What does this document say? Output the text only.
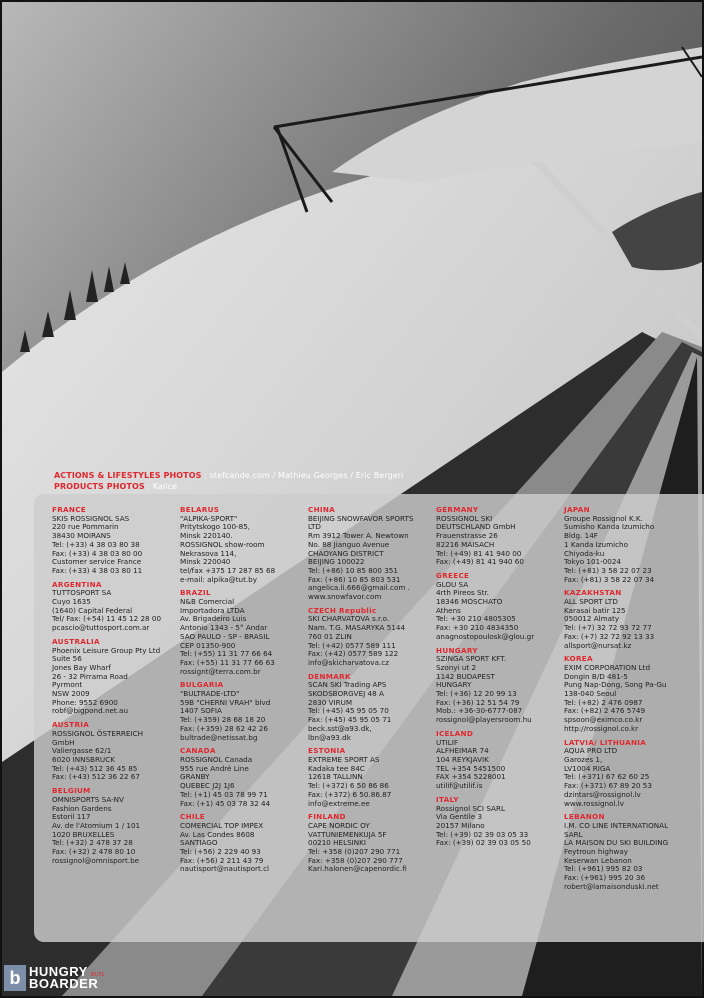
ACTIONS & LIFESTYLES PHOTOS : stefcande.com / Mathieu Georges / Eric Bergeri
PRODUCTS PHOTOS : Kalice
FRANCE
SKIS ROSSIGNOL SAS
220 rue Pommarin
38430 MOIRANS
Tel: (+33) 4 38 03 80 38
Fax: (+33) 4 38 03 80 00
Customer service France
Fax: (+33) 4 38 03 80 11
ARGENTINA
TUTTOSPORT SA
Cuyo 1635
(1640) Capital Federal
Tel/ Fax: (+54) 11 45 12 28 00
pcascio@tuttosport.com.ar
AUSTRALIA
Phoenix Leisure Group Pty Ltd
Suite 56
Jones Bay Wharf
26 - 32 Pirrama Road
Pyrmont
NSW 2009
Phone: 9552 6900
robf@bigpond.net.au
AUSTRIA
ROSSIGNOL ÖSTERREICH
GmbH
Valiergasse 62/1
6020 INNSBRUCK
Tel: (+43) 512 36 45 85
Fax: (+43) 512 36 22 67
BELGIUM
OMNISPORTS SA-NV
Fashion Gardens
Estoril 117
Av. de l'Atomium 1 / 101
1020 BRUXELLES
Tel: (+32) 2 478 37 28
Fax: (+32) 2 478 80 10
rossignol@omnisport.be
BELARUS
"ALPIKA-SPORT"
Pritytskogo 100-85,
Minsk 220140.
ROSSIGNOL show-room
Nekrasova 114,
Minsk 220040
tel/fax +375 17 287 85 68
e-mail: alpika@tut.by
BRAZIL
N&B Comercial
Importadora LTDA
Av. Brigadeiro Luis
Antonio 1343 - 5° Andar
SAO PAULO - SP - BRASIL
CEP 01350-900
Tel: (+55) 11 31 77 66 64
Fax: (+55) 11 31 77 66 63
rossignt@terra.com.br
BULGARIA
"BULTRADE-LTD"
59B "CHERNI VRAH" blvd
1407 SOFIA
Tel: (+359) 28 68 18 20
Fax: (+359) 28 62 42 26
bultrade@netissat.bg
CANADA
ROSSIGNOL Canada
955 rue André Line
GRANBY
QUEBEC J2J 1J6
Tel: (+1) 45 03 78 99 71
Fax: (+1) 45 03 78 32 44
CHILE
COMERCIAL TOP IMPEX
Av. Las Condes 8608
SANTIAGO
Tel: (+56) 2 229 40 93
Fax: (+56) 2 211 43 79
nautisport@nautisport.cl
CHINA
BEIJING SNOWFAVOR SPORTS
LTD
Rm 3912 Tower A. Newtown
No. 88 Jianguo Avenue
CHAOYANG DISTRICT
BEIJING 100022
Tel: (+86) 10 85 800 351
Fax: (+86) 10 85 803 531
angelica.li.666@gmail.com .
www.snowfavor.com
CZECH Republic
SKI CHARVATOVA s.r.o.
Nam. T.G. MASARYKA 5144
760 01 ZLIN
Tel: (+42) 0577 589 111
Fax: (+42) 0577 589 122
info@skicharvatova.cz
DENMARK
SCAN SKI Trading APS
SKODSBORGVEJ 48 A
2830 VIRUM
Tel: (+45) 45 95 05 70
Fax: (+45) 45 95 05 71
beck.sst@a93.dk,
lbn@a93.dk
ESTONIA
EXTREME SPORT AS
Kadaka tee 84C
12618 TALLINN
Tel: (+372) 6 50 86 86
Fax: (+372) 6 50.86.87
info@extreme.ee
FINLAND
CAPE NORDIC OY
VATTUNIEMENKUJA 5F
00210 HELSINKI
Tel: +358 (0)207 290 771
Fax: +358 (0)207 290 777
Kari.halonen@capenordic.fi
GERMANY
ROSSIGNOL SKI
DEUTSCHLAND GmbH
Frauenstrasse 26
82216 MAISACH
Tel: (+49) 81 41 940 00
Fax: (+49) 81 41 940 60
GREECE
GLOU SA
4rth Pireos Str.
18346 MOSCHATO
Athens
Tel: +30 210 4805305
Fax: +30 210 4834350
anagnostopoulosk@glou.gr
HUNGARY
SZINGA SPORT KFT.
Szonyi ut 2
1142 BUDAPEST
HUNGARY
Tel: (+36) 12 20 99 13
Fax: (+36) 12 51 54 79
Mob.: +36-30-6777-087
rossignol@playersroom.hu
ICELAND
UTILIF
ALFHEIMAR 74
104 REYKJAVIK
TEL +354 5451500
FAX +354 5228001
utilif@utilif.is
ITALY
Rossignol SCI SARL
Via Gentile 3
20157 Milano
Tel: (+39) 02 39 03 05 33
Fax: (+39) 02 39 03 05 50
JAPAN
Groupe Rossignol K.K.
Sumisho Kanda Izumicho
Bldg. 14F
1 Kanda Izumicho
Chiyoda-ku
Tokyo 101-0024
Tel: (+81) 3 58 22 07 23
Fax: (+81) 3 58 22 07 34
KAZAKHSTAN
ALL SPORT LTD
Karasai batir 125
050012 Almaty
Tel: (+7) 32 72 93 72 77
Fax: (+7) 32 72 92 13 33
allsport@nursat.kz
KOREA
EXIM CORPORATION Ltd
Dongin B/D 481-5
Pung Nap-Dong, Song Pa-Gu
138-040 Seoul
Tel: (+82) 2 476 0987
Fax: (+82) 2 476 5749
spsoon@eximco.co.kr
http://rossignol.co.kr
LATVIA/ LITHUANIA
AQUA PRO LTD
Garozes 1,
LV1004 RIGA
Tel: (+371) 67 62 60 25
Fax: (+371) 67 89 20 53
dzintars@rossignol.lv
www.rossignol.lv
LEBANON
I.M. CO LINE INTERNATIONAL
SARL
LA MAISON DU SKI BUILDING
Feytroun highway
Keserwan Lebanon
Tel: (+961) 995 82 03
Fax: (+961) 995 20 36
robert@lamaisonduski.net
b HUNGRY
BOARDER
30/31
